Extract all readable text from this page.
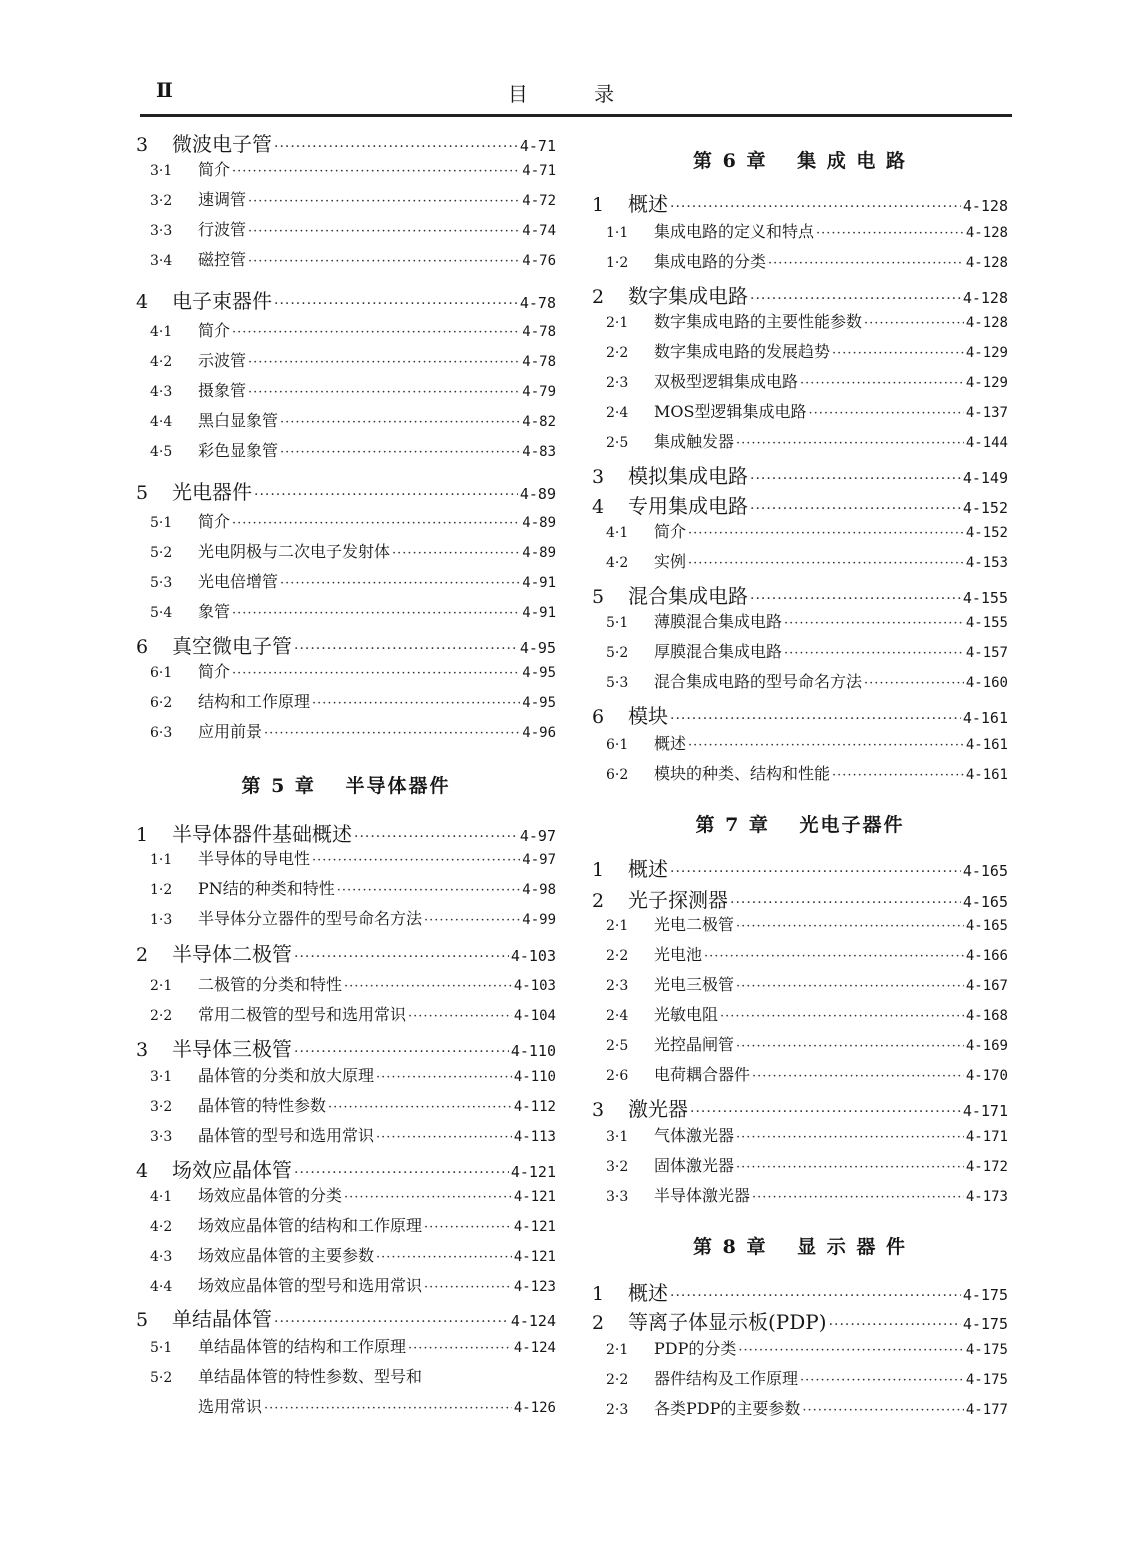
Ⅱ	目 录
3	微波电子管 ·····	4-71
3·1	简介 ·····	4-71
3·2	速调管 ·····	4-72
3·3	行波管 ·····	4-74
3·4	磁控管 ·····	4-76
4	电子束器件 ·····	4-78
4·1	简介 ·····	4-78
4·2	示波管 ·····	4-78
4·3	摄象管 ·····	4-79
4·4	黑白显象管 ·····	4-82
4·5	彩色显象管 ·····	4-83
5	光电器件 ·····	4-89
5·1	简介 ·····	4-89
5·2	光电阴极与二次电子发射体 ·····	4-89
5·3	光电倍增管 ·····	4-91
5·4	象管 ·····	4-91
6	真空微电子管 ·····	4-95
6·1	简介 ·····	4-95
6·2	结构和工作原理 ·····	4-95
6·3	应用前景 ·····	4-96
第 5 章　 半导体器件
1	半导体器件基础概述 ·····	4-97
1·1	半导体的导电性 ·····	4-97
1·2	PN结的种类和特性 ·····	4-98
1·3	半导体分立器件的型号命名方法 ·····	4-99
2	半导体二极管 ·····	4-103
2·1	二极管的分类和特性 ·····	4-103
2·2	常用二极管的型号和选用常识 ·····	4-104
3	半导体三极管 ·····	4-110
3·1	晶体管的分类和放大原理 ·····	4-110
3·2	晶体管的特性参数 ·····	4-112
3·3	晶体管的型号和选用常识 ·····	4-113
4	场效应晶体管 ·····	4-121
4·1	场效应晶体管的分类 ·····	4-121
4·2	场效应晶体管的结构和工作原理 ·····	4-121
4·3	场效应晶体管的主要参数 ·····	4-121
4·4	场效应晶体管的型号和选用常识 ·····	4-123
5	单结晶体管 ·····	4-124
5·1	单结晶体管的结构和工作原理 ·····	4-124
5·2	单结晶体管的特性参数、型号和
选用常识 ·····	4-126
第 6 章　 集 成 电 路
1	概述 ·····	4-128
1·1	集成电路的定义和特点 ·····	4-128
1·2	集成电路的分类 ·····	4-128
2	数字集成电路 ·····	4-128
2·1	数字集成电路的主要性能参数 ·····	4-128
2·2	数字集成电路的发展趋势 ·····	4-129
2·3	双极型逻辑集成电路 ·····	4-129
2·4	MOS型逻辑集成电路 ·····	4-137
2·5	集成触发器 ·····	4-144
3	模拟集成电路 ·····	4-149
4	专用集成电路 ·····	4-152
4·1	简介 ·····	4-152
4·2	实例 ·····	4-153
5	混合集成电路 ·····	4-155
5·1	薄膜混合集成电路 ·····	4-155
5·2	厚膜混合集成电路 ·····	4-157
5·3	混合集成电路的型号命名方法 ·····	4-160
6	模块 ·····	4-161
6·1	概述 ·····	4-161
6·2	模块的种类、结构和性能 ·····	4-161
第 7 章　 光电子器件
1	概述 ·····	4-165
2	光子探测器 ·····	4-165
2·1	光电二极管 ·····	4-165
2·2	光电池 ·····	4-166
2·3	光电三极管 ·····	4-167
2·4	光敏电阻 ·····	4-168
2·5	光控晶闸管 ·····	4-169
2·6	电荷耦合器件 ·····	4-170
3	激光器 ·····	4-171
3·1	气体激光器 ·····	4-171
3·2	固体激光器 ·····	4-172
3·3	半导体激光器 ·····	4-173
第 8 章　 显 示 器 件
1	概述 ·····	4-175
2	等离子体显示板(PDP) ·····	4-175
2·1	PDP的分类 ·····	4-175
2·2	器件结构及工作原理 ·····	4-175
2·3	各类PDP的主要参数 ·····	4-177
